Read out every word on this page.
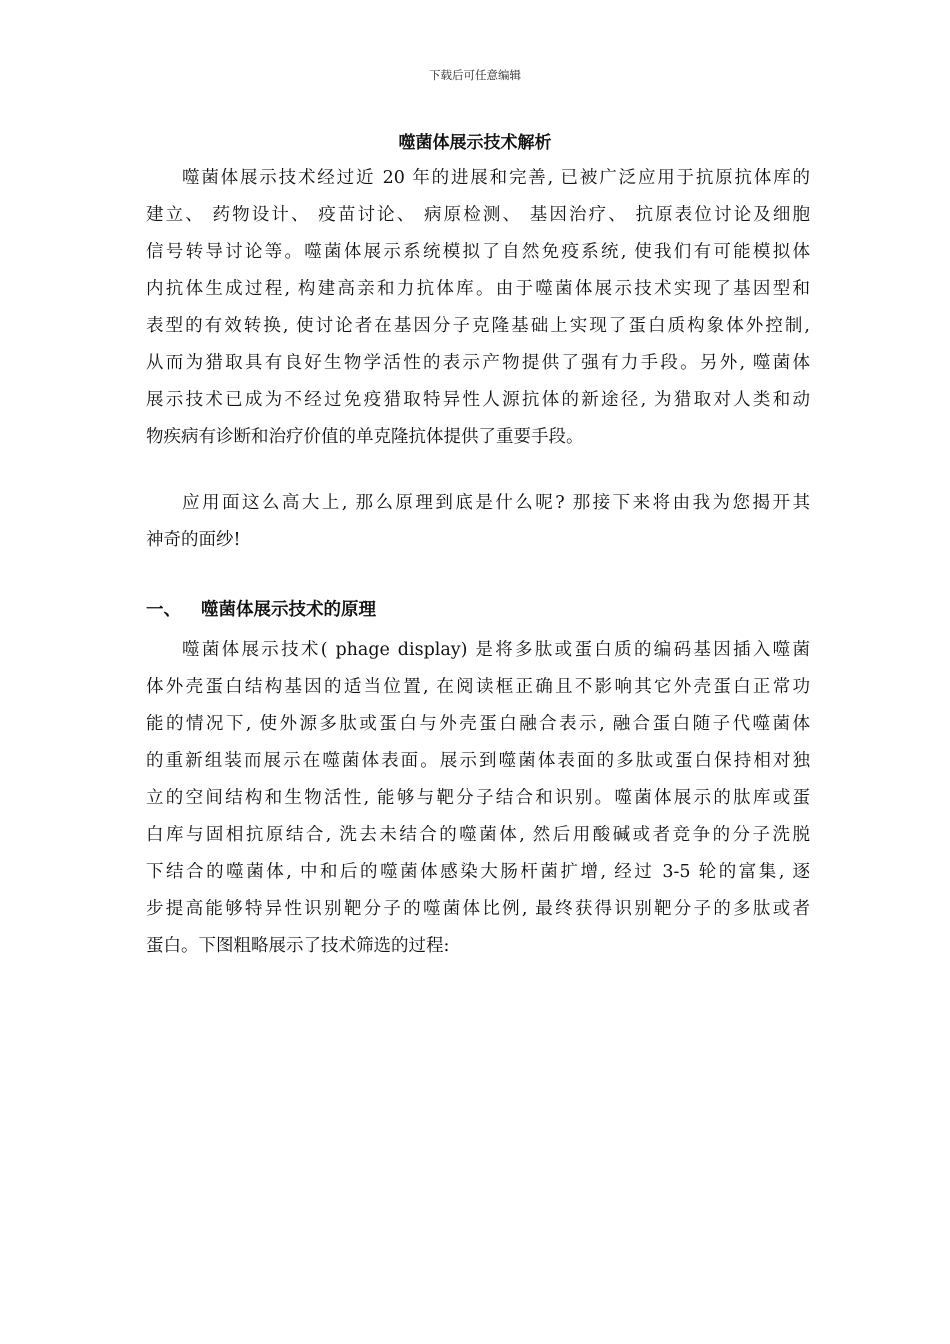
下载后可任意编辑
噬菌体展示技术解析
噬菌体展示技术经过近 20 年的进展和完善, 已被广泛应用于抗原抗体库的
建立、 药物设计、 疫苗讨论、 病原检测、 基因治疗、 抗原表位讨论及细胞
信号转导讨论等。噬菌体展示系统模拟了自然免疫系统, 使我们有可能模拟体
内抗体生成过程, 构建高亲和力抗体库。由于噬菌体展示技术实现了基因型和
表型的有效转换, 使讨论者在基因分子克隆基础上实现了蛋白质构象体外控制,
从而为猎取具有良好生物学活性的表示产物提供了强有力手段。另外, 噬菌体
展示技术已成为不经过免疫猎取特异性人源抗体的新途径, 为猎取对人类和动
物疾病有诊断和治疗价值的单克隆抗体提供了重要手段。
应用面这么高大上, 那么原理到底是什么呢? 那接下来将由我为您揭开其
神奇的面纱!
一、 噬菌体展示技术的原理
噬菌体展示技术( phage display) 是将多肽或蛋白质的编码基因插入噬菌
体外壳蛋白结构基因的适当位置, 在阅读框正确且不影响其它外壳蛋白正常功
能的情况下, 使外源多肽或蛋白与外壳蛋白融合表示, 融合蛋白随子代噬菌体
的重新组装而展示在噬菌体表面。展示到噬菌体表面的多肽或蛋白保持相对独
立的空间结构和生物活性, 能够与靶分子结合和识别。噬菌体展示的肽库或蛋
白库与固相抗原结合, 洗去未结合的噬菌体, 然后用酸碱或者竞争的分子洗脱
下结合的噬菌体, 中和后的噬菌体感染大肠杆菌扩增, 经过 3-5 轮的富集, 逐
步提高能够特异性识别靶分子的噬菌体比例, 最终获得识别靶分子的多肽或者
蛋白。下图粗略展示了技术筛选的过程:
